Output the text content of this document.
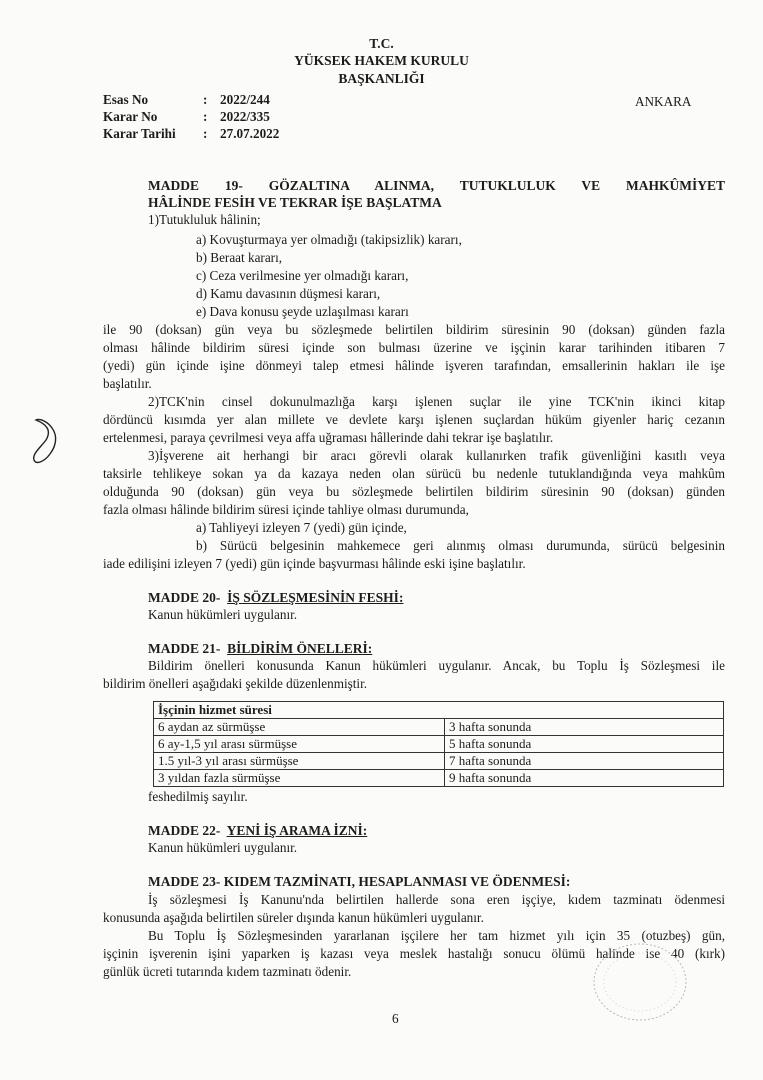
T.C.
YÜKSEK HAKEM KURULU
BAŞKANLIĞI
Esas No	: 2022/244
Karar No	: 2022/335
Karar Tarihi : 27.07.2022
ANKARA
MADDE 19- GÖZALTINA ALINMA, TUTUKLULUK VE MAHKÛMİYET
HÂLİNDE FESİH VE TEKRAR İŞE BAŞLATMA
1)Tutukluluk hâlinin;
a) Kovuşturmaya yer olmadığı (takipsizlik) kararı,
b) Beraat kararı,
c) Ceza verilmesine yer olmadığı kararı,
d) Kamu davasının düşmesi kararı,
e) Dava konusu şeyde uzlaşılması kararı
ile 90 (doksan) gün veya bu sözleşmede belirtilen bildirim süresinin 90 (doksan) günden fazla
olması hâlinde bildirim süresi içinde son bulması üzerine ve işçinin karar tarihinden itibaren 7
(yedi) gün içinde işine dönmeyi talep etmesi hâlinde işveren tarafından, emsallerinin hakları ile işe
başlatılır.
2)TCK'nin cinsel dokunulmazlığa karşı işlenen suçlar ile yine TCK'nin ikinci kitap
dördüncü kısımda yer alan millete ve devlete karşı işlenen suçlardan hüküm giyenler hariç cezanın
ertelenmesi, paraya çevrilmesi veya affa uğraması hâllerinde dahi tekrar işe başlatılır.
3)İşverene ait herhangi bir aracı görevli olarak kullanırken trafik güvenliğini kasıtlı veya
taksirle tehlikeye sokan ya da kazaya neden olan sürücü bu nedenle tutuklandığında veya mahkûm
olduğunda 90 (doksan) gün veya bu sözleşmede belirtilen bildirim süresinin 90 (doksan) günden
fazla olması hâlinde bildirim süresi içinde tahliye olması durumunda,
a) Tahliyeyi izleyen 7 (yedi) gün içinde,
b) Sürücü belgesinin mahkemece geri alınmış olması durumunda, sürücü belgesinin
iade edilişini izleyen 7 (yedi) gün içinde başvurması hâlinde eski işine başlatılır.
MADDE 20- İŞ SÖZLEŞMESİNİN FESHİ:
Kanun hükümleri uygulanır.
MADDE 21- BİLDİRİM ÖNELLERİ:
Bildirim önelleri konusunda Kanun hükümleri uygulanır. Ancak, bu Toplu İş Sözleşmesi ile
bildirim önelleri aşağıdaki şekilde düzenlenmiştir.
İşçinin hizmet süresi	
6 aydan az sürmüşse	3 hafta sonunda
6 ay-1,5 yıl arası sürmüşse	5 hafta sonunda
1.5 yıl-3 yıl arası sürmüşse	7 hafta sonunda
3 yıldan fazla sürmüşse	9 hafta sonunda
feshedilmiş sayılır.
MADDE 22- YENİ İŞ ARAMA İZNİ:
Kanun hükümleri uygulanır.
MADDE 23- KIDEM TAZMİNATI, HESAPLANMASI VE ÖDENMESİ:
İş sözleşmesi İş Kanunu'nda belirtilen hallerde sona eren işçiye, kıdem tazminatı ödenmesi
konusunda aşağıda belirtilen süreler dışında kanun hükümleri uygulanır.
Bu Toplu İş Sözleşmesinden yararlanan işçilere her tam hizmet yılı için 35 (otuzbeş) gün,
işçinin işverenin işini yaparken iş kazası veya meslek hastalığı sonucu ölümü halinde ise 40 (kırk)
günlük ücreti tutarında kıdem tazminatı ödenir.
6
